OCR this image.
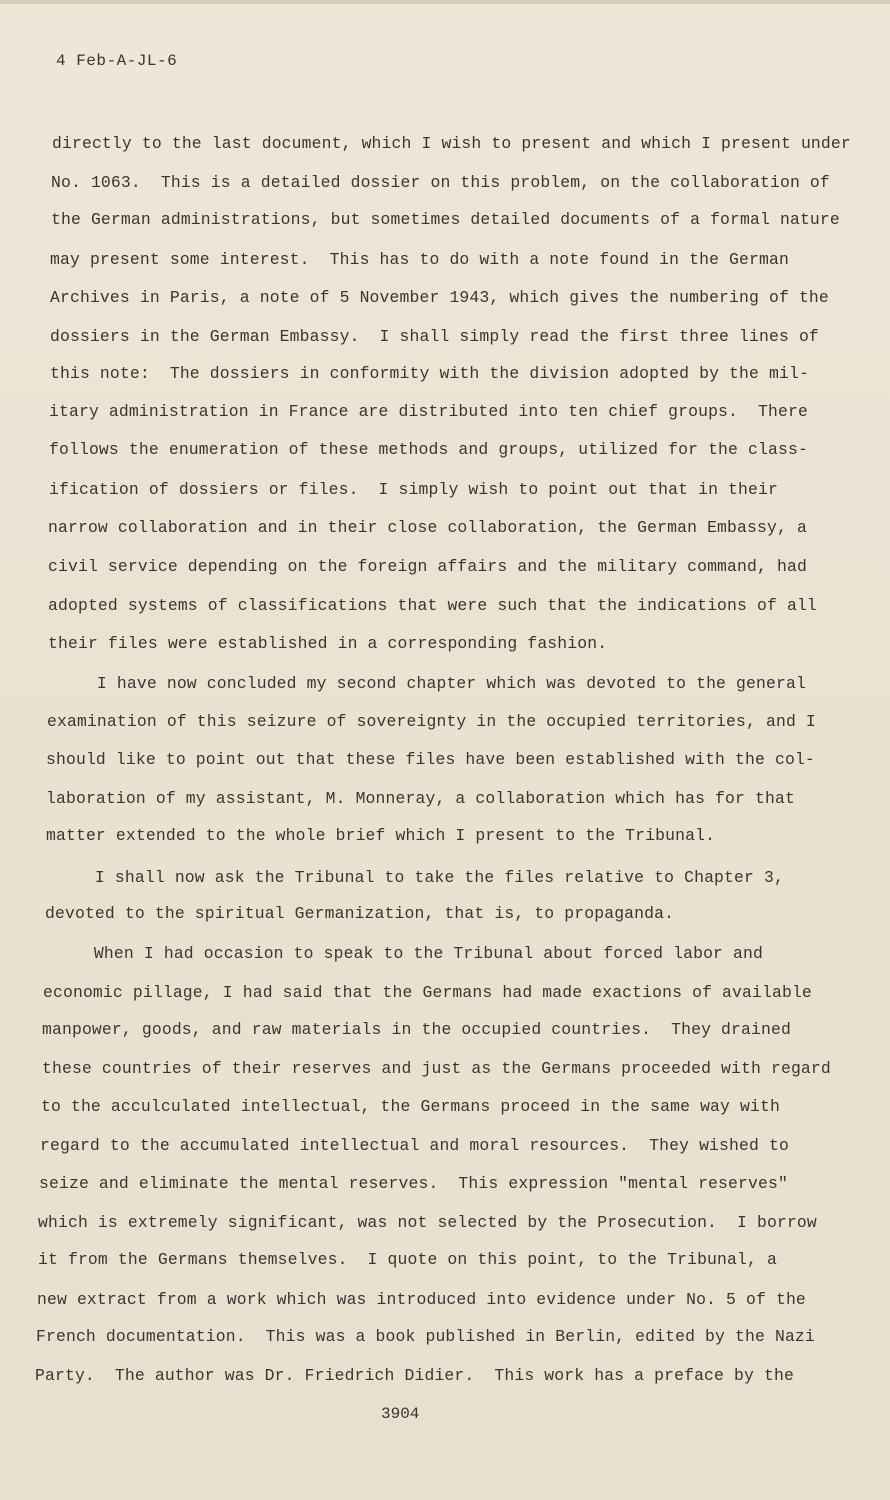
4 Feb-A-JL-6
directly to the last document, which I wish to present and which I present under
No. 1063.  This is a detailed dossier on this problem, on the collaboration of
the German administrations, but sometimes detailed documents of a formal nature
may present some interest.  This has to do with a note found in the German
Archives in Paris, a note of 5 November 1943, which gives the numbering of the
dossiers in the German Embassy.  I shall simply read the first three lines of
this note:  The dossiers in conformity with the division adopted by the mil-
itary administration in France are distributed into ten chief groups.  There
follows the enumeration of these methods and groups, utilized for the class-
ification of dossiers or files.  I simply wish to point out that in their
narrow collaboration and in their close collaboration, the German Embassy, a
civil service depending on the foreign affairs and the military command, had
adopted systems of classifications that were such that the indications of all
their files were established in a corresponding fashion.
I have now concluded my second chapter which was devoted to the general
examination of this seizure of sovereignty in the occupied territories, and I
should like to point out that these files have been established with the col-
laboration of my assistant, M. Monneray, a collaboration which has for that
matter extended to the whole brief which I present to the Tribunal.
I shall now ask the Tribunal to take the files relative to Chapter 3,
devoted to the spiritual Germanization, that is, to propaganda.
When I had occasion to speak to the Tribunal about forced labor and
economic pillage, I had said that the Germans had made exactions of available
manpower, goods, and raw materials in the occupied countries.  They drained
these countries of their reserves and just as the Germans proceeded with regard
to the acculculated intellectual, the Germans proceed in the same way with
regard to the accumulated intellectual and moral resources.  They wished to
seize and eliminate the mental reserves.  This expression "mental reserves"
which is extremely significant, was not selected by the Prosecution.  I borrow
it from the Germans themselves.  I quote on this point, to the Tribunal, a
new extract from a work which was introduced into evidence under No. 5 of the
French documentation.  This was a book published in Berlin, edited by the Nazi
Party.  The author was Dr. Friedrich Didier.  This work has a preface by the
3904
